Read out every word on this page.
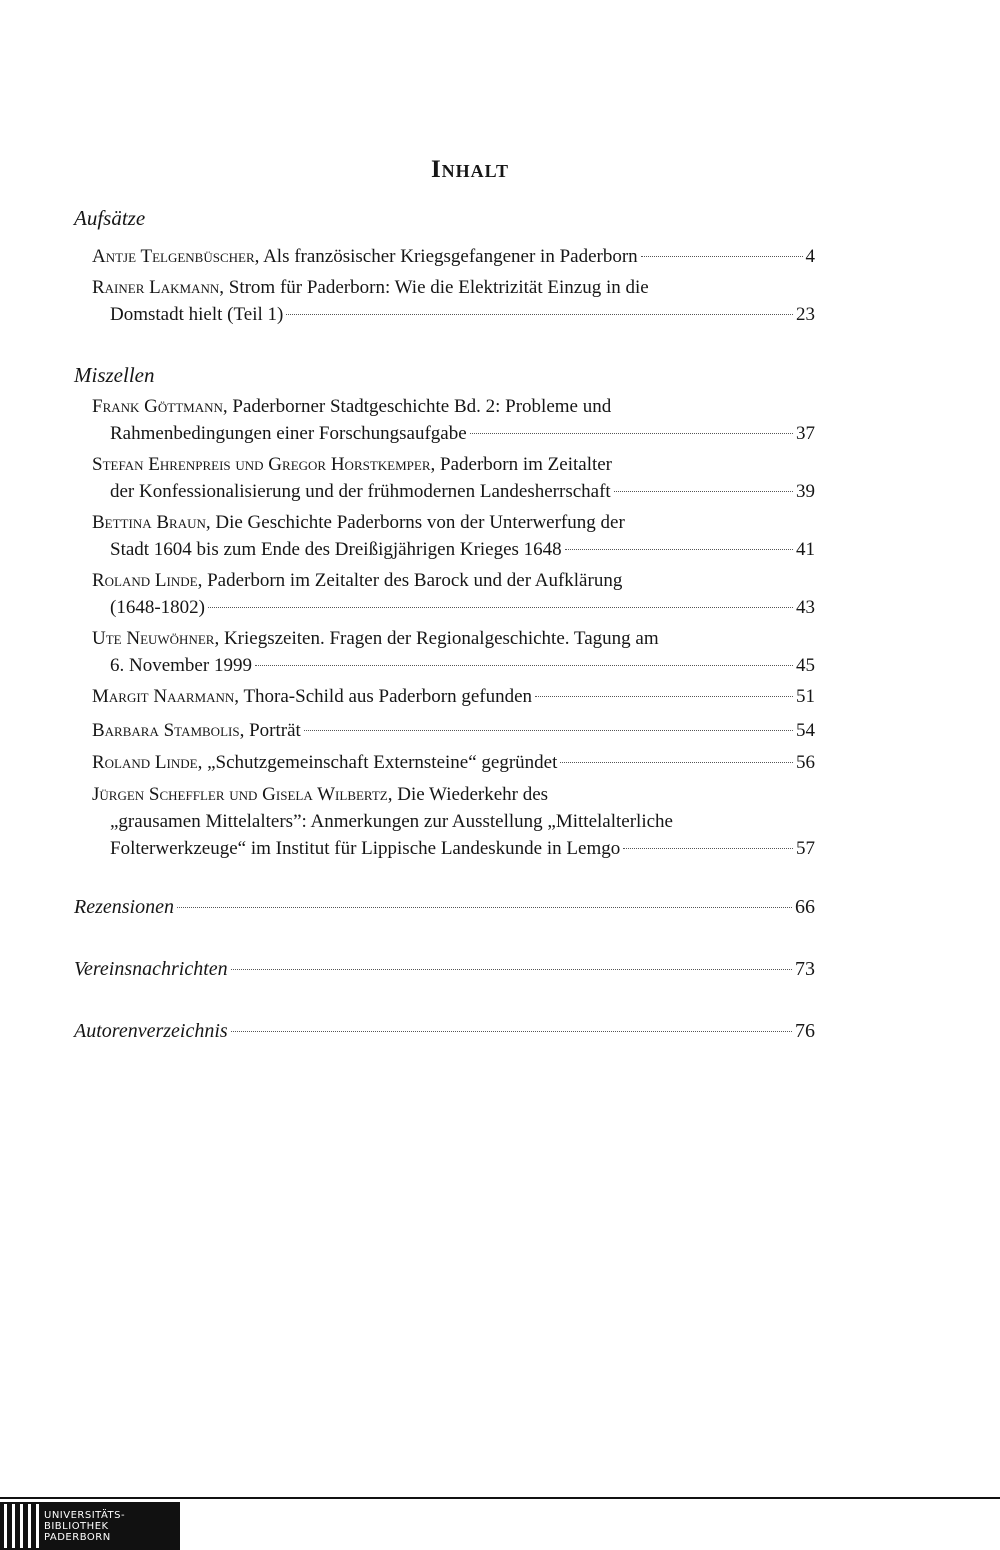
Inhalt
Aufsätze
Antje Telgenbüscher, Als französischer Kriegsgefangener in Paderborn	4
Rainer Lakmann, Strom für Paderborn: Wie die Elektrizität Einzug in die
Domstadt hielt (Teil 1)	23
Miszellen
Frank Göttmann, Paderborner Stadtgeschichte Bd. 2: Probleme und
Rahmenbedingungen einer Forschungsaufgabe	37
Stefan Ehrenpreis und Gregor Horstkemper, Paderborn im Zeitalter
der Konfessionalisierung und der frühmodernen Landesherrschaft	39
Bettina Braun, Die Geschichte Paderborns von der Unterwerfung der
Stadt 1604 bis zum Ende des Dreißigjährigen Krieges 1648	41
Roland Linde, Paderborn im Zeitalter des Barock und der Aufklärung
(1648-1802)	43
Ute Neuwöhner, Kriegszeiten. Fragen der Regionalgeschichte. Tagung am
6. November 1999	45
Margit Naarmann, Thora-Schild aus Paderborn gefunden	51
Barbara Stambolis, Porträt	54
Roland Linde, „Schutzgemeinschaft Externsteine“ gegründet	56
Jürgen Scheffler und Gisela Wilbertz, Die Wiederkehr des
„grausamen Mittelalters”: Anmerkungen zur Ausstellung „Mittelalterliche
Folterwerkzeuge“ im Institut für Lippische Landeskunde in Lemgo	57
Rezensionen	66
Vereinsnachrichten	73
Autorenverzeichnis	76
UNIVERSITÄTS-
BIBLIOTHEK
PADERBORN
